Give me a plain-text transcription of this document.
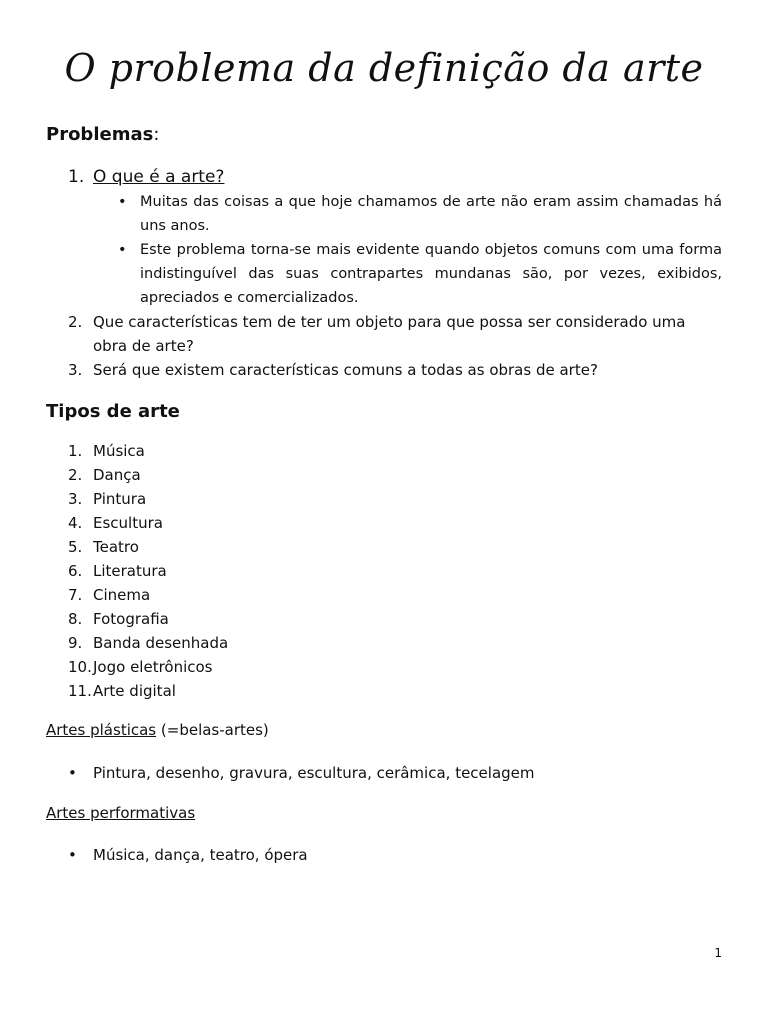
O problema da definição da arte
Problemas:
1. O que é a arte?
• Muitas das coisas a que hoje chamamos de arte não eram assim chamadas há uns anos.
• Este problema torna-se mais evidente quando objetos comuns com uma forma indistinguível das suas contrapartes mundanas são, por vezes, exibidos, apreciados e comercializados.
2. Que características tem de ter um objeto para que possa ser considerado uma obra de arte?
3. Será que existem características comuns a todas as obras de arte?
Tipos de arte
1. Música
2. Dança
3. Pintura
4. Escultura
5. Teatro
6. Literatura
7. Cinema
8. Fotografia
9. Banda desenhada
10. Jogo eletrônicos
11. Arte digital
Artes plásticas (=belas-artes)
• Pintura, desenho, gravura, escultura, cerâmica, tecelagem
Artes performativas
• Música, dança, teatro, ópera
1
